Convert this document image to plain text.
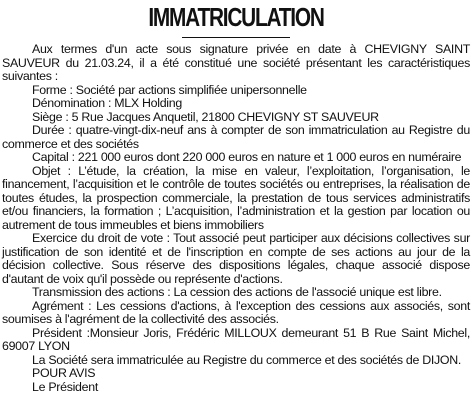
IMMATRICULATION

Aux termes d'un acte sous signature privée en date à CHEVIGNY SAINT SAUVEUR du 21.03.24, il a été constitué une société présentant les caractéristiques suivantes :

Forme : Société par actions simplifiée unipersonnelle

Dénomination : MLX Holding

Siège : 5 Rue Jacques Anquetil, 21800 CHEVIGNY ST SAUVEUR

Durée : quatre-vingt-dix-neuf ans à compter de son immatriculation au Registre du commerce et des sociétés

Capital : 221 000 euros dont 220 000 euros en nature et 1 000 euros en numéraire

Objet : L’étude, la création, la mise en valeur, l’exploitation, l’organisation, le financement, l’acquisition et le contrôle de toutes sociétés ou entreprises, la réalisation de toutes études, la prospection commerciale, la prestation de tous services administratifs et/ou financiers, la formation ; L’acquisition, l’administration et la gestion par location ou autrement de tous immeubles et biens immobiliers

Exercice du droit de vote : Tout associé peut participer aux décisions collectives sur justification de son identité et de l'inscription en compte de ses actions au jour de la décision collective. Sous réserve des dispositions légales, chaque associé dispose d'autant de voix qu'il possède ou représente d'actions.

Transmission des actions : La cession des actions de l'associé unique est libre.

Agrément : Les cessions d'actions, à l'exception des cessions aux associés, sont soumises à l'agrément de la collectivité des associés.

Président :Monsieur Joris, Frédéric MILLOUX demeurant 51 B Rue Saint Michel, 69007 LYON

La Société sera immatriculée au Registre du commerce et des sociétés de DIJON.

POUR AVIS

Le Président
